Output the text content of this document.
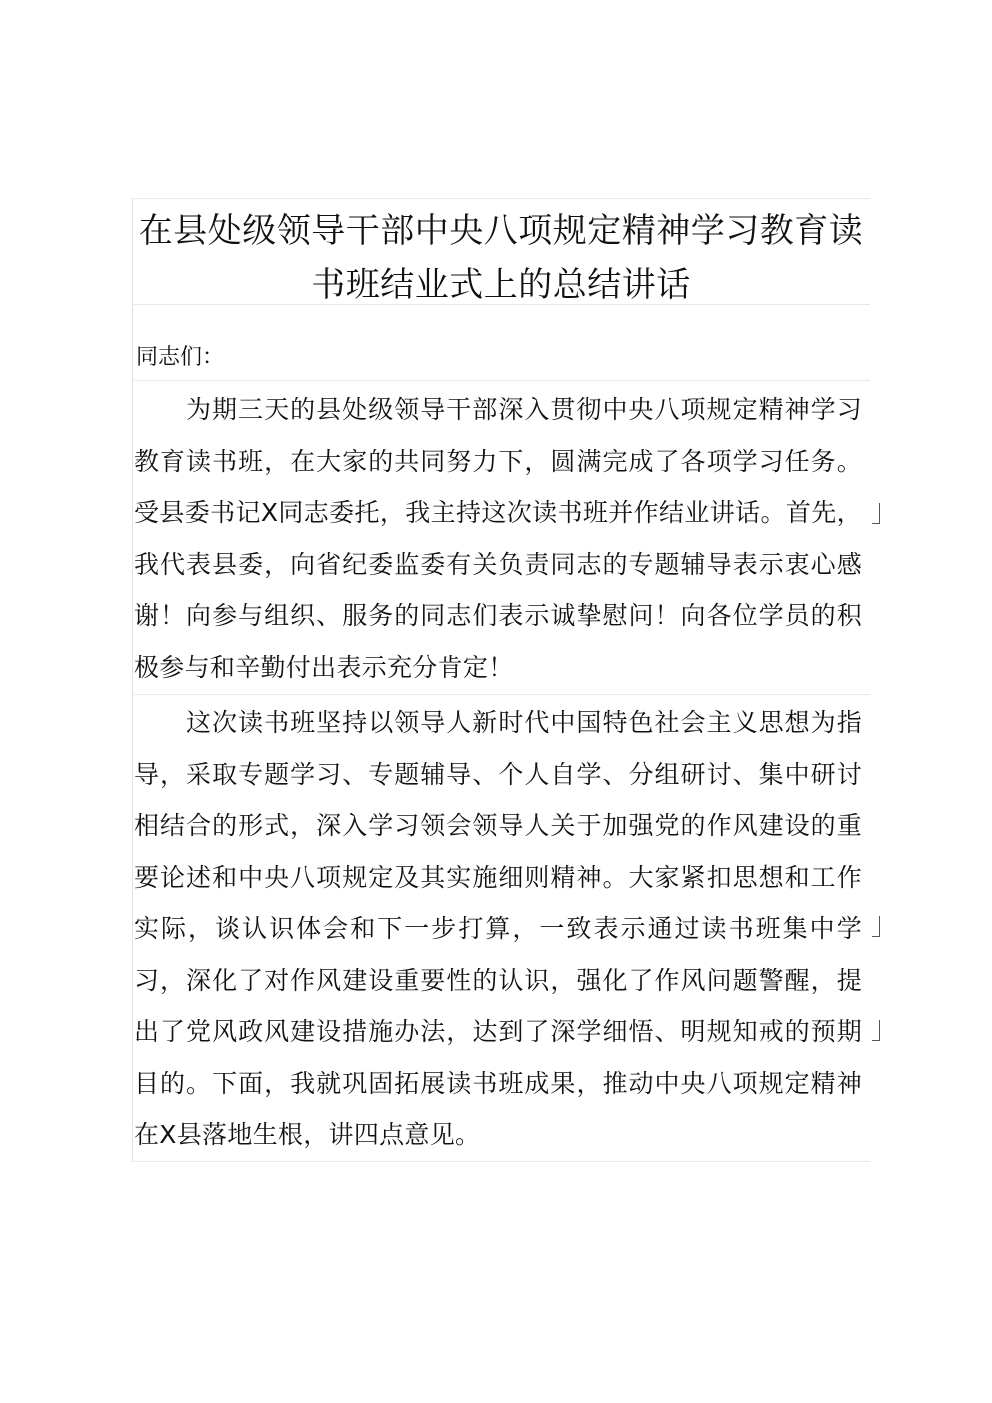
在县处级领导干部中央八项规定精神学习教育读书班结业式上的总结讲话
同志们：
为期三天的县处级领导干部深入贯彻中央八项规定精神学习教育读书班，在大家的共同努力下，圆满完成了各项学习任务。受县委书记X同志委托，我主持这次读书班并作结业讲话。首先，我代表县委，向省纪委监委有关负责同志的专题辅导表示衷心感谢！向参与组织、服务的同志们表示诚挚慰问！向各位学员的积极参与和辛勤付出表示充分肯定！
这次读书班坚持以领导人新时代中国特色社会主义思想为指导，采取专题学习、专题辅导、个人自学、分组研讨、集中研讨相结合的形式，深入学习领会领导人关于加强党的作风建设的重要论述和中央八项规定及其实施细则精神。大家紧扣思想和工作实际，谈认识体会和下一步打算，一致表示通过读书班集中学习，深化了对作风建设重要性的认识，强化了作风问题警醒，提出了党风政风建设措施办法，达到了深学细悟、明规知戒的预期目的。下面，我就巩固拓展读书班成果，推动中央八项规定精神在X县落地生根，讲四点意见。
